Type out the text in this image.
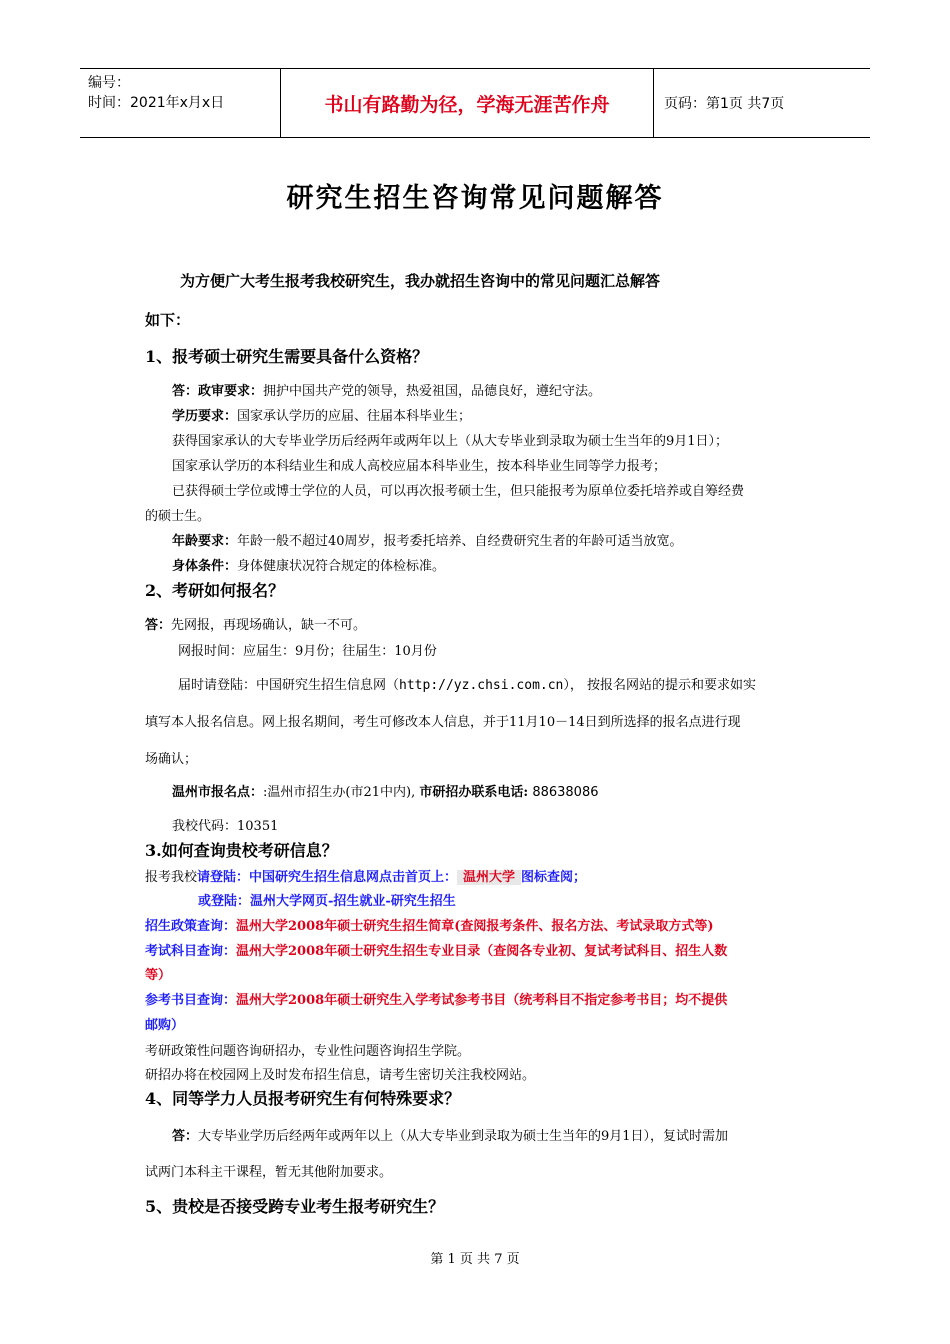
编号：
时间：2021年x月x日	书山有路勤为径，学海无涯苦作舟	页码：第1页 共7页
研究生招生咨询常见问题解答
为方便广大考生报考我校研究生，我办就招生咨询中的常见问题汇总解答
如下：
1、报考硕士研究生需要具备什么资格？
答：政审要求：拥护中国共产党的领导，热爱祖国，品德良好，遵纪守法。
学历要求：国家承认学历的应届、往届本科毕业生；
获得国家承认的大专毕业学历后经两年或两年以上（从大专毕业到录取为硕士生当年的9月1日）；
国家承认学历的本科结业生和成人高校应届本科毕业生，按本科毕业生同等学力报考；
已获得硕士学位或博士学位的人员，可以再次报考硕士生，但只能报考为原单位委托培养或自筹经费
的硕士生。
年龄要求：年龄一般不超过40周岁，报考委托培养、自经费研究生者的年龄可适当放宽。
身体条件：身体健康状况符合规定的体检标准。
2、考研如何报名？
答：先网报，再现场确认，缺一不可。
网报时间：应届生：9月份；往届生：10月份
届时请登陆：中国研究生招生信息网（http://yz.chsi.com.cn）， 按报名网站的提示和要求如实
填写本人报名信息。网上报名期间，考生可修改本人信息，并于11月10－14日到所选择的报名点进行现
场确认；
温州市报名点：:温州市招生办(市21中内), 市研招办联系电话: 88638086
我校代码：10351
3.如何查询贵校考研信息？
报考我校请登陆：中国研究生招生信息网点击首页上： 温州大学 图标查阅；
或登陆：温州大学网页-招生就业-研究生招生
招生政策查询：温州大学2008年硕士研究生招生简章(查阅报考条件、报名方法、考试录取方式等)
考试科目查询：温州大学2008年硕士研究生招生专业目录（查阅各专业初、复试考试科目、招生人数
等）
参考书目查询：温州大学2008年硕士研究生入学考试参考书目（统考科目不指定参考书目；均不提供
邮购）
考研政策性问题咨询研招办，专业性问题咨询招生学院。
研招办将在校园网上及时发布招生信息，请考生密切关注我校网站。
4、同等学力人员报考研究生有何特殊要求？
答：大专毕业学历后经两年或两年以上（从大专毕业到录取为硕士生当年的9月1日），复试时需加
试两门本科主干课程，暂无其他附加要求。
5、贵校是否接受跨专业考生报考研究生？
第 1 页 共 7 页
